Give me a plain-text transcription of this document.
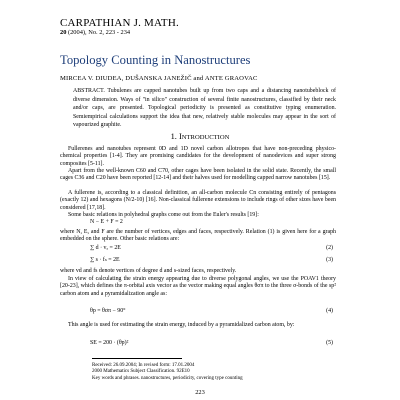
CARPATHIAN J. MATH.
20 (2004), No. 2, 223 - 234
Topology Counting in Nanostructures
MIRCEA V. DIUDEA, DUŠANSKA JANEŽIČ and ANTE GRAOVAC
ABSTRACT. Tubulenes are capped nanotubes built up from two caps and a distancing nanotubeblock of diverse dimension. Ways of "in silico" construction of several finite nanostructures, classified by their neck and/or caps, are presented. Topological periodicity is presented as constitutive typing enumeration. Semiempirical calculations support the idea that new, relatively stable molecules may appear in the sort of vapourized graphite.
1. INTRODUCTION
Fullerenes and nanotubes represent 0D and 1D novel carbon allotropes that have non-preceding physico-chemical properties [1-4]. They are promising candidates for the development of nanodevices and super strong composites [5-11].
Apart from the well-known C60 and C70, other cages have been isolated in the solid state. Recently, the small cages C36 and C20 have been reported [12-14] and their halves used for modelling capped narrow nanotubes [15].
A fullerene is, according to a classical definition, an all-carbon molecule Cn consisting entirely of pentagons (exactly 12) and hexagons (N/2-10) [16]. Non-classical fullerene extensions to include rings of other sizes have been considered [17,18].
Some basic relations in polyhedral graphs come out from the Euler's results [19]:
N − E + F = 2
where N, E, and F are the number of vertices, edges and faces, respectively. Relation (1) is given here for a graph embedded on the sphere. Other basic relations are:
∑ d · vₐ = 2E	(2)
∑ s · fₛ = 2E	(3)
where vd and fs denote vertices of degree d and s-sized faces, respectively.
In view of calculating the strain energy appearing due to diverse polygonal angles, we use the POAV1 theory [20-23], which defines the π-orbital axis vector as the vector making equal angles θσπ to the three σ-bonds of the sp² carbon atom and a pyramidalization angle as:
θp = θσπ − 90°	(4)
This angle is used for estimating the strain energy, induced by a pyramidalized carbon atom, by:
SE = 200 · (θp)²	(5)
Received: 26.09.2004; In revised form: 17.01.2004
2000 Mathematics Subject Classification. 92E10
Key words and phrases. nanostructures, periodicity, covering type counting
223
